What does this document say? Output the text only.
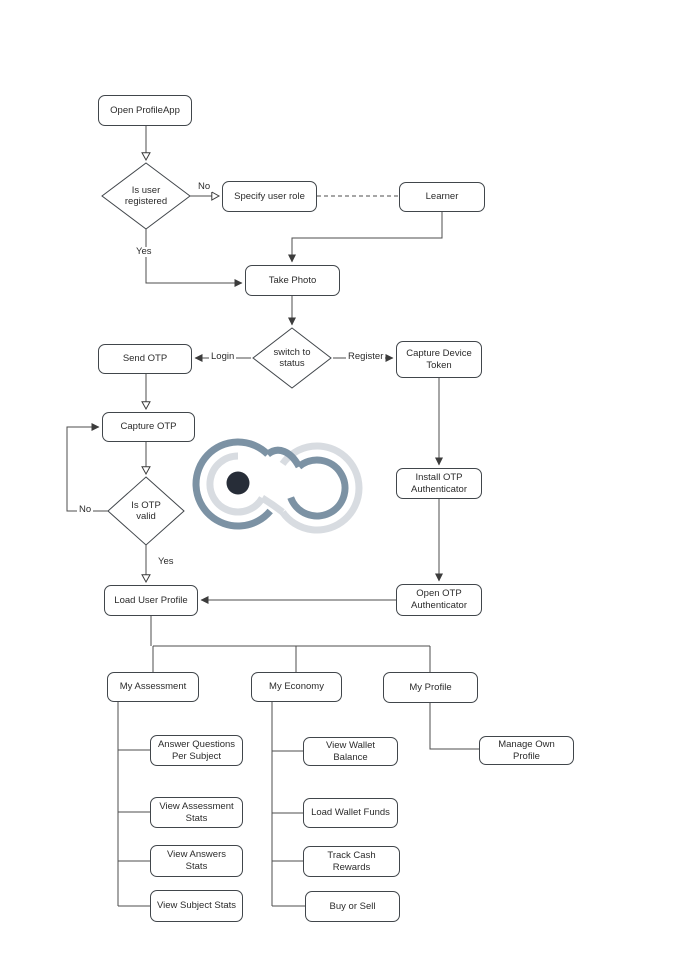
Open ProfileApp
Specify user role	Learner
Take Photo
Send OTP	Capture Device Token
Capture OTP
Install OTP Authenticator
Open OTP Authenticator
Load User Profile
My Assessment	My Economy	My Profile
Answer Questions Per Subject
View Assessment Stats
View Answers Stats
View Subject Stats
View Wallet Balance
Load Wallet Funds
Track Cash Rewards
Buy or Sell
Manage Own Profile
Is user registered
switch to status
Is OTP valid
No
Yes
Login	Register
No
Yes
